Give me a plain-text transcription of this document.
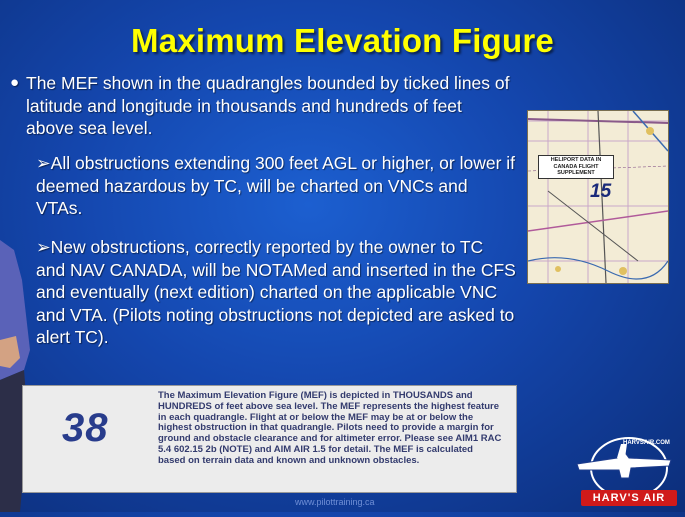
Maximum Elevation Figure
● The MEF shown in the quadrangles bounded by ticked lines of latitude and longitude in thousands and hundreds of feet above sea level.
➢All obstructions extending 300 feet AGL or higher, or lower if deemed hazardous by TC, will be charted on VNCs and VTAs.
➢New obstructions, correctly reported by the owner to TC and NAV CANADA, will be NOTAMed and inserted in the CFS and eventually (next edition) charted on the applicable VNC and VTA. (Pilots noting obstructions not depicted are asked to alert TC).
HELIPORT DATA IN CANADA FLIGHT SUPPLEMENT
15
38
The Maximum Elevation Figure (MEF) is depicted in THOUSANDS and HUNDREDS of feet above sea level. The MEF represents the highest feature in each quadrangle. Flight at or below the MEF may be at or below the highest obstruction in that quadrangle. Pilots need to provide a margin for ground and obstacle clearance and for altimeter error. Please see AIM1 RAC 5.4 602.15 2b (NOTE) and AIM AIR 1.5 for detail. The MEF is calculated based on terrain data and known and unknown obstacles.
www.pilottraining.ca
HARVSAIR.COM
HARV'S AIR
